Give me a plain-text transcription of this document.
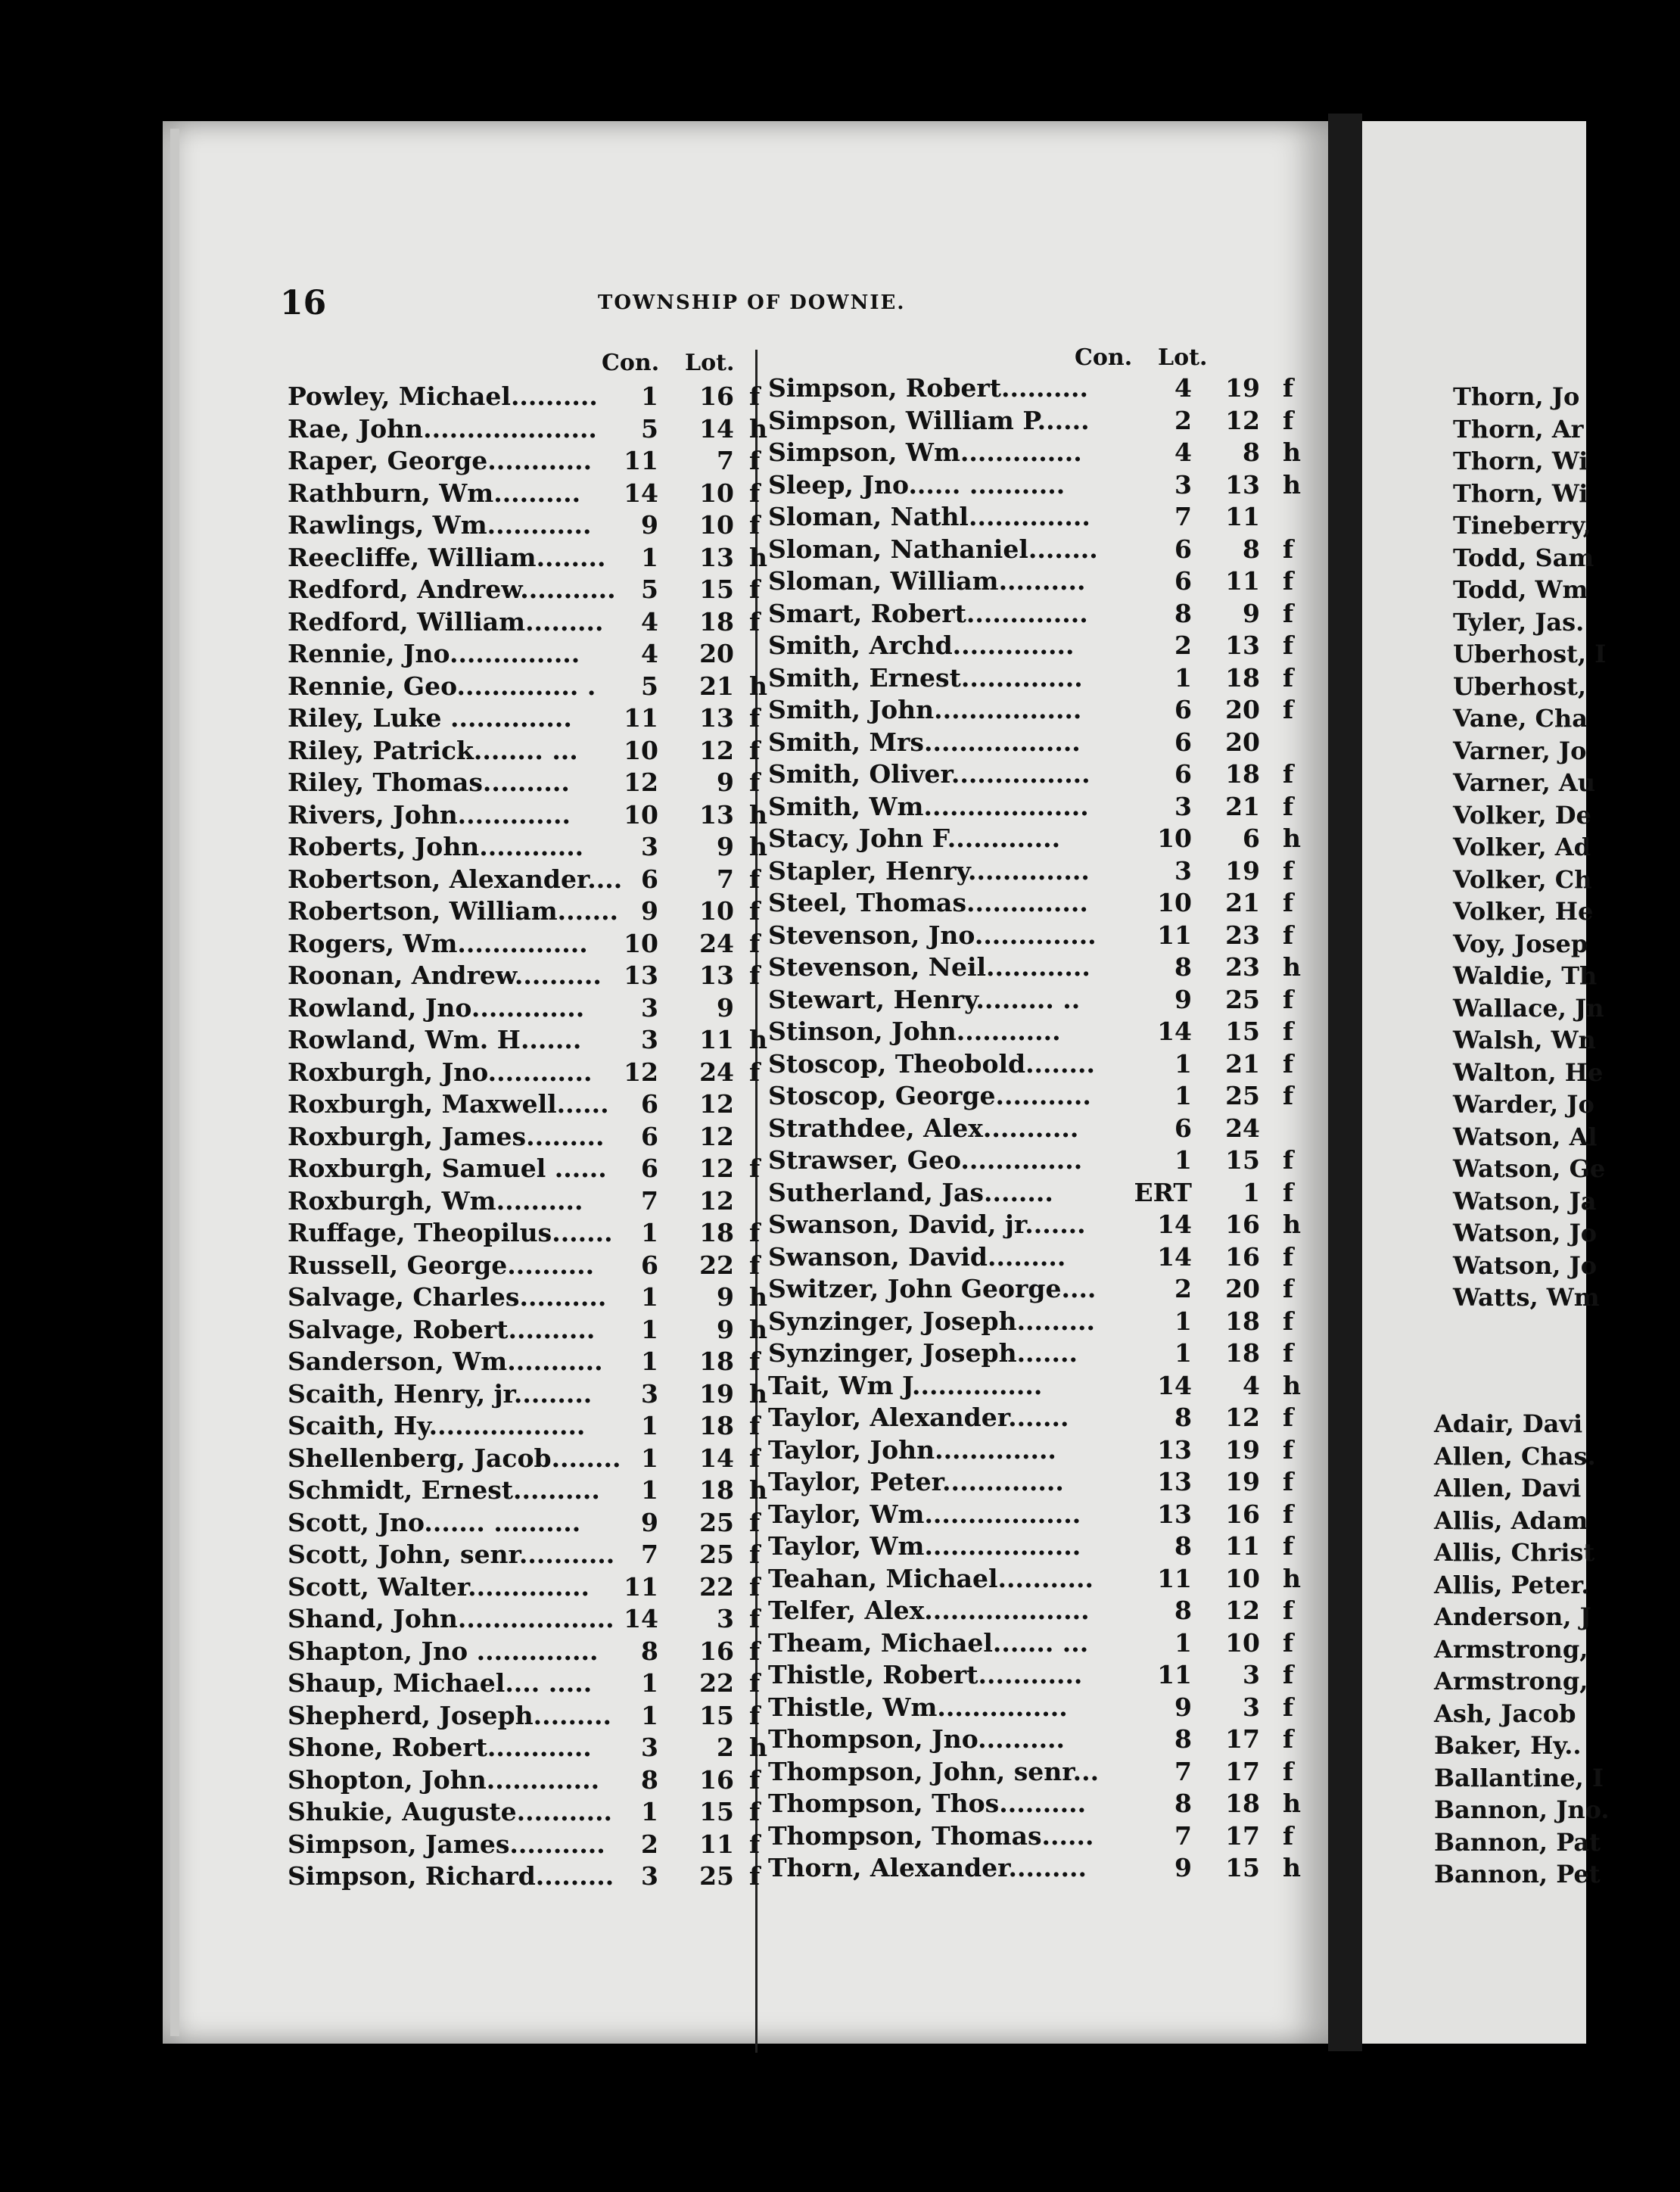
16	TOWNSHIP OF DOWNIE.
Con. Lot.	Con. Lot.
Powley, Michael..........	1	16 f
Rae, John....................	5	14 h
Raper, George............	11	7 f
Rathburn, Wm..........	14	10 f
Rawlings, Wm............	9	10 f
Reecliffe, William........	1	13 h
Redford, Andrew...........	5	15 f
Redford, William.........	4	18 f
Rennie, Jno...............	4	20
Rennie, Geo.............. .	5	21 h
Riley, Luke ..............	11	13 f
Riley, Patrick........ ...	10	12 f
Riley, Thomas..........	12	9 f
Rivers, John.............	10	13 h
Roberts, John............	3	9 h
Robertson, Alexander.... 6	7 f
Robertson, William....... 9	10 f
Rogers, Wm...............	10	24 f
Roonan, Andrew.......... 13	13 f
Rowland, Jno.............	3	9
Rowland, Wm. H.......	3	11 h
Roxburgh, Jno............	12	24 f
Roxburgh, Maxwell......	6	12
Roxburgh, James.........	6	12
Roxburgh, Samuel ......	6	12 f
Roxburgh, Wm..........	7	12
Ruffage, Theopilus.......	1	18 f
Russell, George..........	6	22 f
Salvage, Charles..........	1	9 h
Salvage, Robert..........	1	9 h
Sanderson, Wm...........	1	18 f
Scaith, Henry, jr.........	3	19 h
Scaith, Hy..................	1	18 f
Shellenberg, Jacob........ 1	14 f
Schmidt, Ernest..........	1	18 h
Scott, Jno....... ..........	9	25 f
Scott, John, senr...........	7	25 f
Scott, Walter..............	11	22 f
Shand, John.................. 14	3 f
Shapton, Jno ..............	8	16 f
Shaup, Michael.... .....	1	22 f
Shepherd, Joseph.........	1	15 f
Shone, Robert............	3	2 h
Shopton, John.............	8	16 f
Shukie, Auguste...........	1	15 f
Simpson, James...........	2	11 f
Simpson, Richard.........	3	25 f
Simpson, Robert..........	4	19 f
Simpson, William P......	2	12 f
Simpson, Wm..............	4	8 h
Sleep, Jno...... ...........	3	13 h
Sloman, Nathl..............	7	11
Sloman, Nathaniel........	6	8 f
Sloman, William..........	6	11 f
Smart, Robert..............	8	9 f
Smith, Archd..............	2	13 f
Smith, Ernest..............	1	18 f
Smith, John.................	6	20 f
Smith, Mrs..................	6	20
Smith, Oliver................	6	18 f
Smith, Wm...................	3	21 f
Stacy, John F.............	10	6 h
Stapler, Henry..............	3	19 f
Steel, Thomas..............	10	21 f
Stevenson, Jno..............	11	23 f
Stevenson, Neil............	8	23 h
Stewart, Henry......... ..	9	25 f
Stinson, John............	14	15 f
Stoscop, Theobold........	1	21 f
Stoscop, George...........	1	25 f
Strathdee, Alex...........	6	24
Strawser, Geo..............	1	15 f
Sutherland, Jas........	ERT	1 f
Swanson, David, jr.......	14	16 h
Swanson, David.........	14	16 f
Switzer, John George....	2	20 f
Synzinger, Joseph.........	1	18 f
Synzinger, Joseph.......	1	18 f
Tait, Wm J...............	14	4 h
Taylor, Alexander.......	8	12 f
Taylor, John..............	13	19 f
Taylor, Peter..............	13	19 f
Taylor, Wm..................	13	16 f
Taylor, Wm..................	8	11 f
Teahan, Michael...........	11	10 h
Telfer, Alex...................	8	12 f
Theam, Michael....... ...	1	10 f
Thistle, Robert............	11	3 f
Thistle, Wm...............	9	3 f
Thompson, Jno..........	8	17 f
Thompson, John, senr...	7	17 f
Thompson, Thos..........	8	18 h
Thompson, Thomas......	7	17 f
Thorn, Alexander.........	9	15 h
Thorn, Jo
Thorn, Ar
Thorn, Wi
Thorn, Wi
Tineberry,
Todd, Sam
Todd, Wm
Tyler, Jas.
Uberhost, I
Uberhost,
Vane, Cha
Varner, Jo
Varner, Au
Volker, De
Volker, Ad
Volker, Ch
Volker, He
Voy, Josep
Waldie, Th
Wallace, Jn
Walsh, Wn
Walton, He
Warder, Jo
Watson, Al
Watson, Ge
Watson, Ja
Watson, Jo
Watson, Jo
Watts, Wm
Adair, Davi
Allen, Chas.
Allen, Davi
Allis, Adam
Allis, Christ
Allis, Peter.
Anderson, J
Armstrong,
Armstrong,
Ash, Jacob
Baker, Hy..
Ballantine, I
Bannon, Jno.
Bannon, Pat
Bannon, Pet
